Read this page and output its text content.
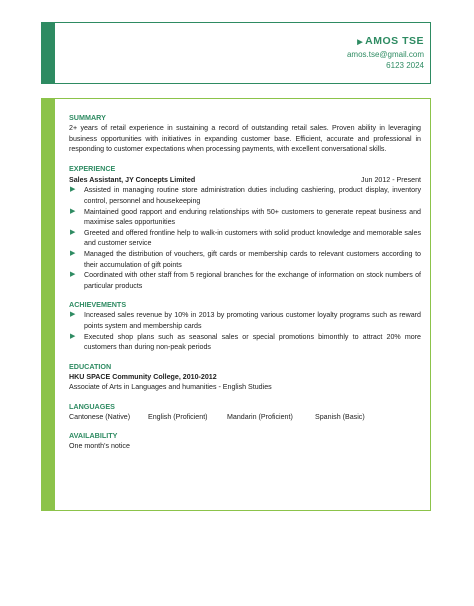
▶ AMOS TSE
amos.tse@gmail.com
6123 2024
SUMMARY

2+ years of retail experience in sustaining a record of outstanding retail sales. Proven ability in leveraging business opportunities with initiatives in expanding customer base. Efficient, accurate and professional in responding to customer expectations when processing payments, with excellent conversational skills.

EXPERIENCE
Sales Assistant, JY Concepts Limited	Jun 2012 - Present
▶ Assisted in managing routine store administration duties including cashiering, product display, inventory control, personnel and housekeeping
▶ Maintained good rapport and enduring relationships with 50+ customers to generate repeat business and maximise sales opportunities
▶ Greeted and offered frontline help to walk-in customers with solid product knowledge and memorable sales and customer service
▶ Managed the distribution of vouchers, gift cards or membership cards to relevant customers according to their accumulation of gift points
▶ Coordinated with other staff from 5 regional branches for the exchange of information on stock numbers of particular products
ACHIEVEMENTS
▶ Increased sales revenue by 10% in 2013 by promoting various customer loyalty programs such as reward points system and membership cards
▶ Executed shop plans such as seasonal sales or special promotions bimonthly to attract 20% more customers than during non-peak periods
EDUCATION
HKU SPACE Community College, 2010-2012
Associate of Arts in Languages and humanities - English Studies
LANGUAGES
Cantonese (Native)	English (Proficient)	Mandarin (Proficient)	Spanish (Basic)
AVAILABILITY
One month's notice
